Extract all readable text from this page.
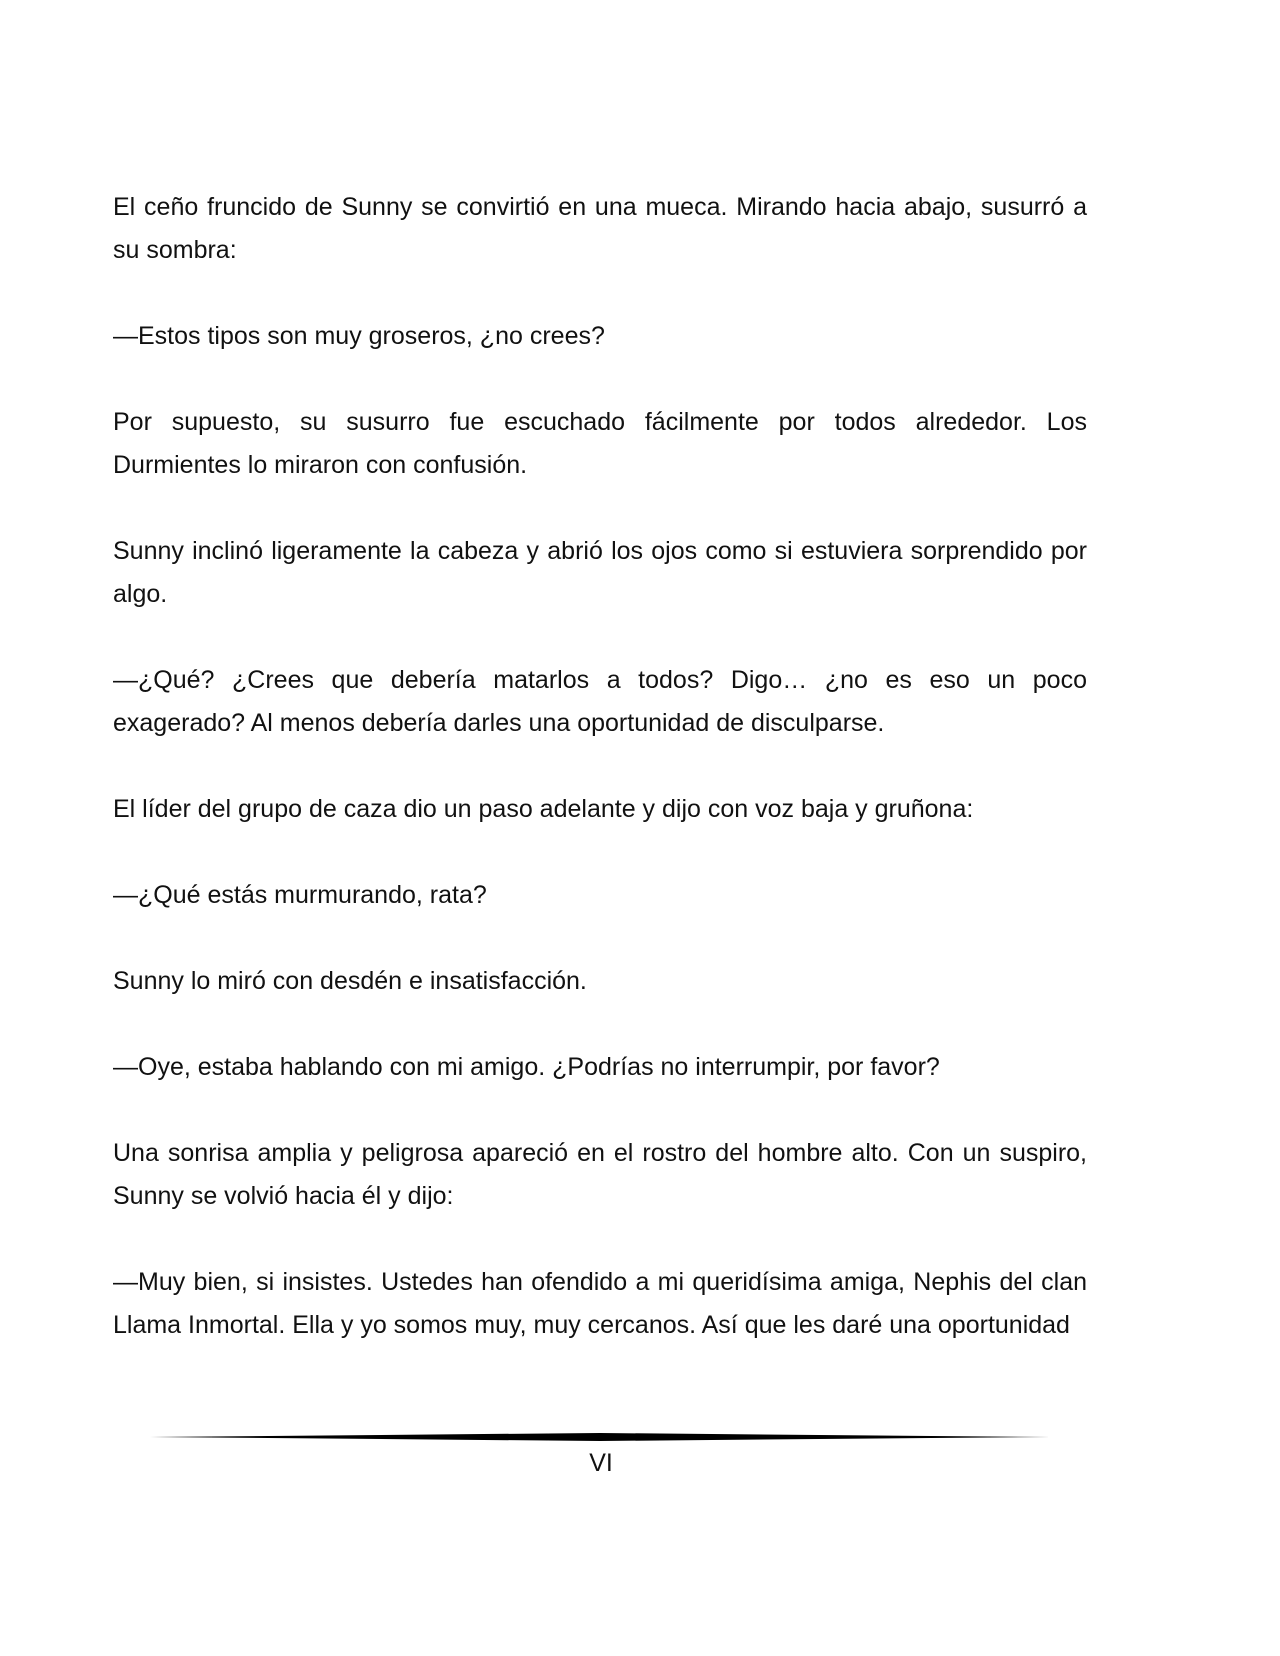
El ceño fruncido de Sunny se convirtió en una mueca. Mirando hacia abajo, susurró a su sombra:

—Estos tipos son muy groseros, ¿no crees?

Por supuesto, su susurro fue escuchado fácilmente por todos alrededor. Los Durmientes lo miraron con confusión.

Sunny inclinó ligeramente la cabeza y abrió los ojos como si estuviera sorprendido por algo.

—¿Qué? ¿Crees que debería matarlos a todos? Digo… ¿no es eso un poco exagerado? Al menos debería darles una oportunidad de disculparse.

El líder del grupo de caza dio un paso adelante y dijo con voz baja y gruñona:

—¿Qué estás murmurando, rata?

Sunny lo miró con desdén e insatisfacción.

—Oye, estaba hablando con mi amigo. ¿Podrías no interrumpir, por favor?

Una sonrisa amplia y peligrosa apareció en el rostro del hombre alto. Con un suspiro, Sunny se volvió hacia él y dijo:

—Muy bien, si insistes. Ustedes han ofendido a mi queridísima amiga, Nephis del clan Llama Inmortal. Ella y yo somos muy, muy cercanos. Así que les daré una oportunidad

VI
